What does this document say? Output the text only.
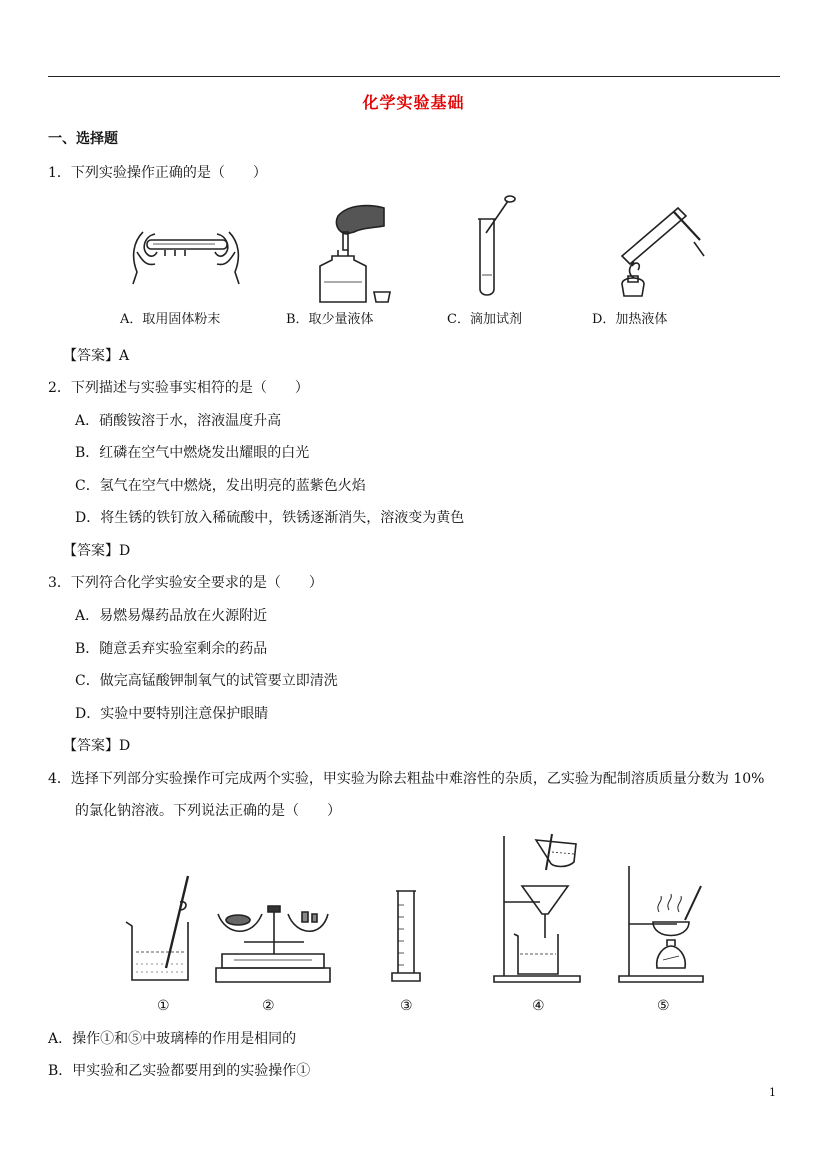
化学实验基础
一、选择题
1．下列实验操作正确的是（　　）
A．取用固体粉末	B．取少量液体	C．滴加试剂	D．加热液体
【答案】A
2．下列描述与实验事实相符的是（　　）
A．硝酸铵溶于水，溶液温度升高
B．红磷在空气中燃烧发出耀眼的白光
C．氢气在空气中燃烧，发出明亮的蓝紫色火焰
D．将生锈的铁钉放入稀硫酸中，铁锈逐渐消失，溶液变为黄色
【答案】D
3．下列符合化学实验安全要求的是（　　）
A．易燃易爆药品放在火源附近
B．随意丢弃实验室剩余的药品
C．做完高锰酸钾制氧气的试管要立即清洗
D．实验中要特别注意保护眼睛
【答案】D
4．选择下列部分实验操作可完成两个实验，甲实验为除去粗盐中难溶性的杂质，乙实验为配制溶质质量分数为 10%
的氯化钠溶液。下列说法正确的是（　　）
①	②	③	④	⑤
A．操作①和⑤中玻璃棒的作用是相同的
B．甲实验和乙实验都要用到的实验操作①
1
